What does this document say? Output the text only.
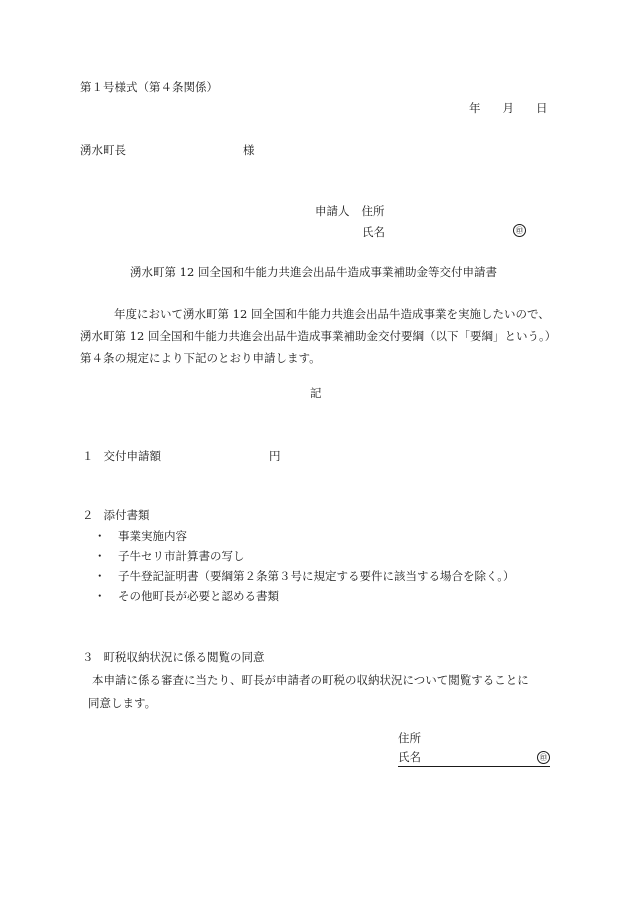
第１号様式（第４条関係）
年 月 日
湧水町長	様
申請人 住所
氏名	㊞
湧水町第 12 回全国和牛能力共進会出品牛造成事業補助金等交付申請書
年度において湧水町第 12 回全国和牛能力共進会出品牛造成事業を実施したいので、
湧水町第 12 回全国和牛能力共進会出品牛造成事業補助金交付要綱（以下「要綱」という。）
第４条の規定により下記のとおり申請します。
記
１ 交付申請額	円
２ 添付書類
・ 事業実施内容
・ 子牛セリ市計算書の写し
・ 子牛登記証明書（要綱第２条第３号に規定する要件に該当する場合を除く。）
・ その他町長が必要と認める書類
３ 町税収納状況に係る閲覧の同意
本申請に係る審査に当たり、町長が申請者の町税の収納状況について閲覧することに
同意します。
住所
氏名	㊞
